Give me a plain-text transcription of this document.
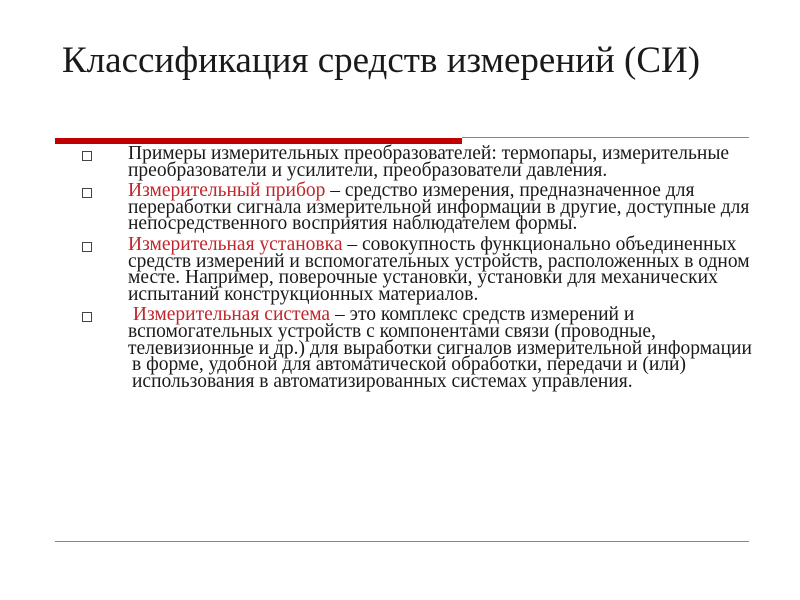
Классификация средств измерений (СИ)
Примеры измерительных преобразователей: термопары, измерительные преобразователи и усилители, преобразователи давления.
Измерительный прибор – средство измерения, предназначенное для переработки сигнала измерительной информации в другие, доступные для непосредственного восприятия наблюдателем формы.
Измерительная установка – совокупность функционально объединенных средств измерений и вспомогательных устройств, расположенных в одном месте. Например, поверочные установки, установки для механических испытаний конструкционных материалов.
Измерительная система – это комплекс средств измерений и вспомогательных устройств с компонентами связи (проводные, телевизионные и др.) для выработки сигналов измерительной информации
в форме, удобной для автоматической обработки, передачи и (или) использования в автоматизированных системах управления.
